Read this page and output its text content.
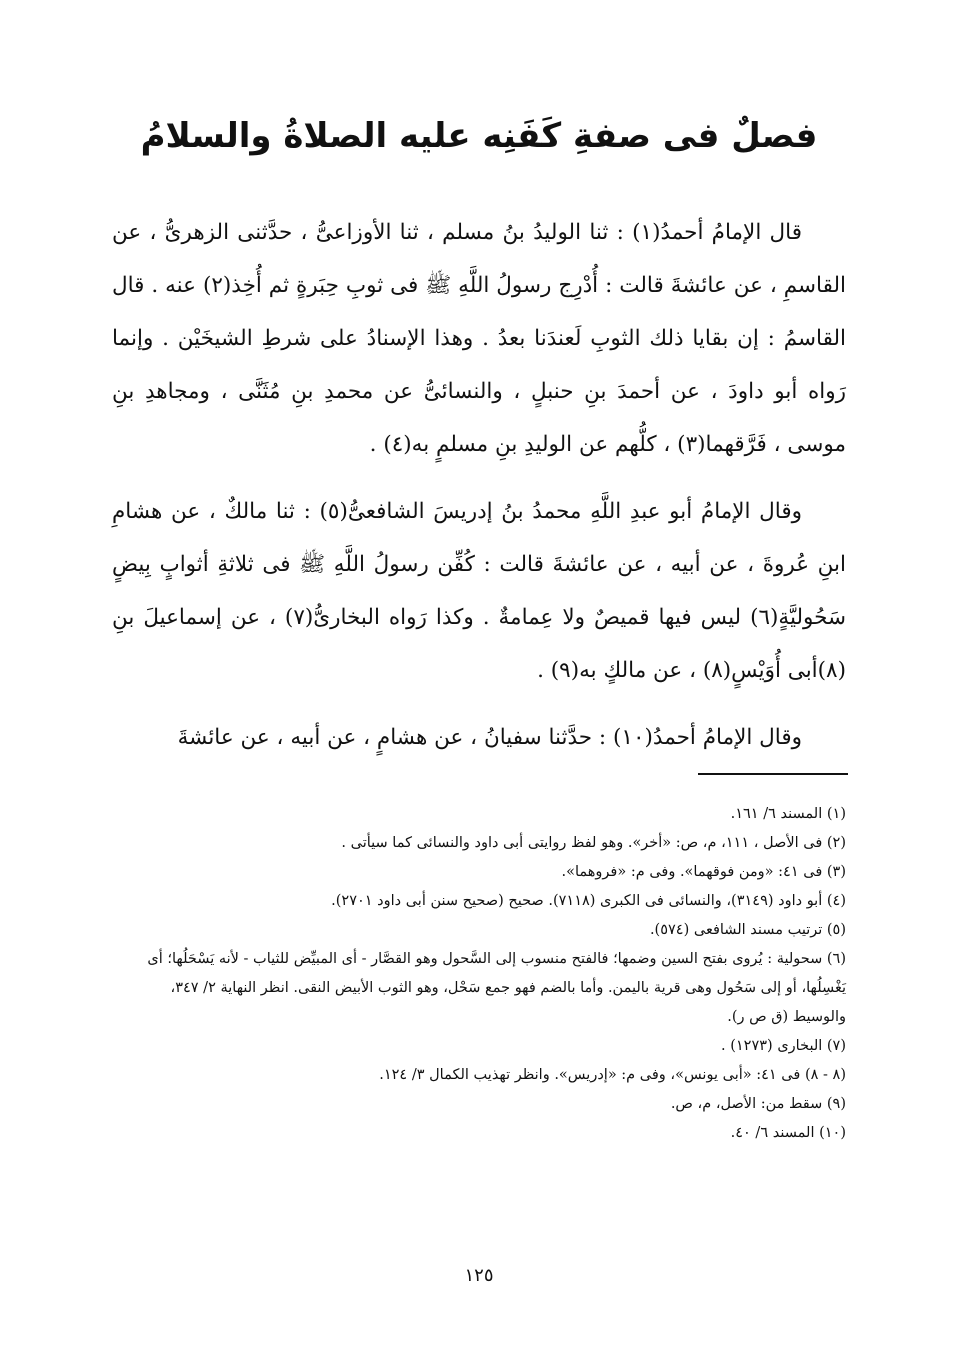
فصلٌ فى صفةِ كَفَنِه عليه الصلاةُ والسلامُ

قال الإمامُ أحمدُ(١) : ثنا الوليدُ بنُ مسلم ، ثنا الأوزاعىُّ ، حدَّثنى الزهرىُّ ، عن القاسمِ ، عن عائشةَ قالت : أُدْرِج رسولُ اللَّهِ ﷺ فى ثوبِ حِبَرةٍ ثم أُخِذ(٢) عنه . قال القاسمُ : إن بقايا ذلك الثوبِ لَعندَنا بعدُ . وهذا الإسنادُ على شرطِ الشيخَيْن . وإنما رَواه أبو داودَ ، عن أحمدَ بنِ حنبلٍ ، والنسائىُّ عن محمدِ بنِ مُثَنَّى ، ومجاهدِ بنِ موسى ، فَرَّقهما(٣) ، كلُّهم عن الوليدِ بنِ مسلمٍ به(٤) .

وقال الإمامُ أبو عبدِ اللَّهِ محمدُ بنُ إدريسَ الشافعىُّ(٥) : ثنا مالكٌ ، عن هشامِ ابنِ عُروةَ ، عن أبيه ، عن عائشةَ قالت : كُفِّن رسولُ اللَّهِ ﷺ فى ثلاثةِ أثوابٍ بِيضٍ سَحُوليَّةٍ(٦) ليس فيها قميصٌ ولا عِمامةٌ . وكذا رَواه البخارىُّ(٧) ، عن إسماعيلَ بنِ (٨)أبى أُوَيْسٍ(٨) ، عن مالكٍ به(٩) .

وقال الإمامُ أحمدُ(١٠) : حدَّثنا سفيانُ ، عن هشامٍ ، عن أبيه ، عن عائشةَ

(١) المسند ٦/ ١٦١.

(٢) فى الأصل ، ١١١، م، ص: «أخر». وهو لفظ روايتى أبى داود والنسائى كما سيأتى .

(٣) فى ٤١: «ومن فوقهما». وفى م: «فروهما».

(٤) أبو داود (٣١٤٩)، والنسائى فى الكبرى (٧١١٨). صحيح (صحيح سنن أبى داود ٢٧٠١).

(٥) ترتيب مسند الشافعى (٥٧٤).

(٦) سحولية : يُروى بفتح السين وضمها؛ فالفتح منسوب إلى السَّحول وهو القصَّار - أى المبيِّض للثياب - لأنه يَسْحَلُها؛ أى يَغْسِلُها، أو إلى سَحُول وهى قرية باليمن. وأما بالضم فهو جمع سَحْل، وهو الثوب الأبيض النقى. انظر النهاية ٢/ ٣٤٧، والوسيط (ق ص ر).

(٧) البخارى (١٢٧٣) .

(٨ - ٨) فى ٤١: «أبى يونس»، وفى م: «إدريس». وانظر تهذيب الكمال ٣/ ١٢٤.

(٩) سقط من: الأصل، م، ص.

(١٠) المسند ٦/ ٤٠.

١٢٥
